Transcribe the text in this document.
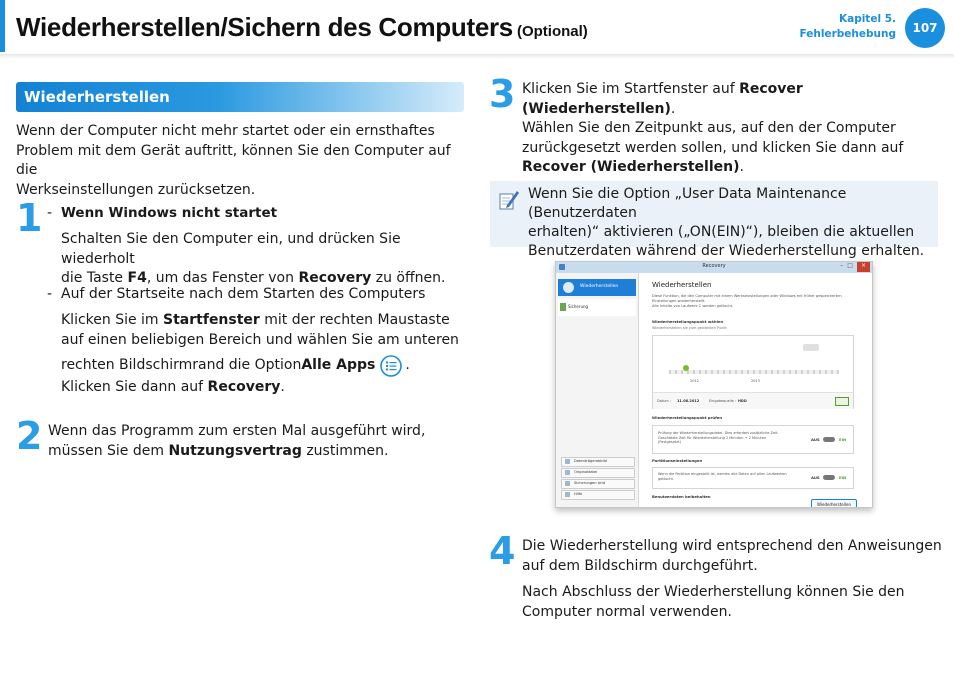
Wiederherstellen/Sichern des Computers (Optional)
Kapitel 5.
Fehlerbehebung	107
Wiederherstellen
Wenn der Computer nicht mehr startet oder ein ernsthaftes
Problem mit dem Gerät auftritt, können Sie den Computer auf die
Werkseinstellungen zurücksetzen.
1 - Wenn Windows nicht startet
Schalten Sie den Computer ein, und drücken Sie wiederholt
die Taste F4, um das Fenster von Recovery zu öffnen.
- Auf der Startseite nach dem Starten des Computers
Klicken Sie im Startfenster mit der rechten Maustaste
auf einen beliebigen Bereich und wählen Sie am unteren
rechten Bildschirmrand die Option Alle Apps .
Klicken Sie dann auf Recovery.
2 Wenn das Programm zum ersten Mal ausgeführt wird,
müssen Sie dem Nutzungsvertrag zustimmen.
3 Klicken Sie im Startfenster auf Recover (Wiederherstellen).
Wählen Sie den Zeitpunkt aus, auf den der Computer
zurückgesetzt werden sollen, und klicken Sie dann auf
Recover (Wiederherstellen).
Wenn Sie die Option „User Data Maintenance (Benutzerdaten
erhalten)“ aktivieren („ON(EIN)“), bleiben die aktuellen
Benutzerdaten während der Wiederherstellung erhalten.
Recovery	– □	×
Wiederherstellen
Sicherung
Datenträgerabbild
Originaldatei
Sicherungen sind
Hilfe
Wiederherstellen
Diese Funktion, die den Computer mit einem Werkseinstellungen oder Windows mit früher gespeicherten
Einstellungen wiederherstellt.
Alle Inhalte von Laufwerk C werden gelöscht.
Wiederherstellungspunkt wählen
Wiederherstellen sie zum gewählten Punkt
2012	2013
Datum : 11.08.2012	Eingabequelle : HDD
Wiederherstellungspunkt prüfen
Prüfung der Wiederherstellungsdatei. Dies erfordert zusätzliche Zeit.
Geschätzte Zeit für Wiederherstellung 2 Minuten + 2 Minuten
(Festgesetzt)
AUS	EIN
Partitionseinstellungen
Wenn die Partition eingestellt ist, werden alle Daten auf allen Laufwerken
gelöscht.	AUS	EIN
Benutzerdaten beibehalten
Wiederherstellen
4 Die Wiederherstellung wird entsprechend den Anweisungen
auf dem Bildschirm durchgeführt.
Nach Abschluss der Wiederherstellung können Sie den
Computer normal verwenden.
